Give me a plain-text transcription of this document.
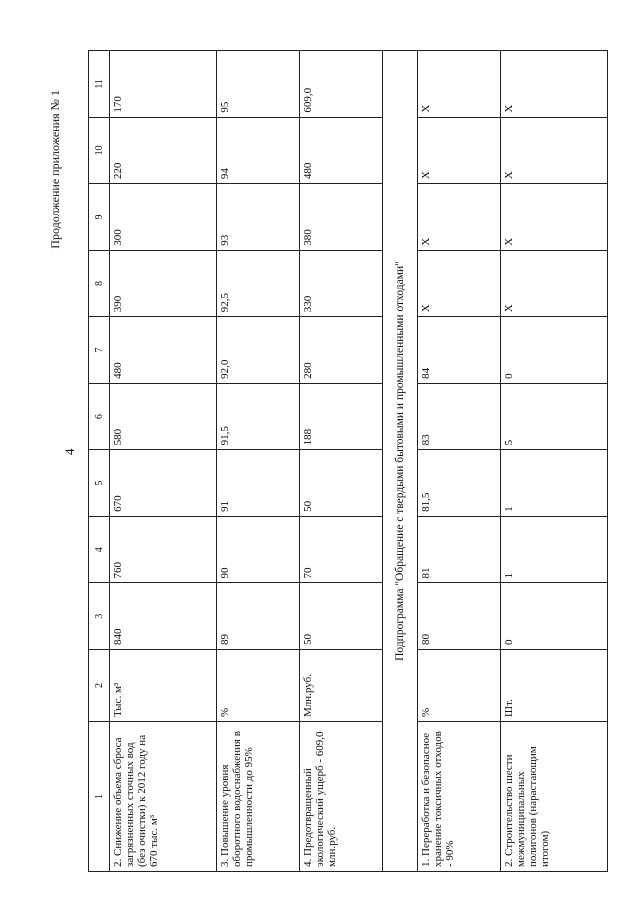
4
Продолжение приложения № 1
1	2	3	4	5	6	7	8	9	10	11
2. Снижение объема сброса загрязненных сточных вод (без очистки) к 2012 году на 670 тыс. м³	Тыс. м³	840	760	670	580	480	390	300	220	170
3. Повышение уровня оборотного водоснабжения в промышленности до 95%	%	89	90	91	91,5	92,0	92,5	93	94	95
4. Предотвращенный экологический ущерб - 609,0 млн.руб.	Млн.руб.	50	70	50	188	280	330	380	480	609,0
Подпрограмма "Обращение с твердыми бытовыми и промышленными отходами"										
1. Переработка и безопасное хранение токсичных отходов - 90%	%	80	81	81,5	83	84	X	X	X	X
2. Строительство шести межмуниципальных полигонов (нарастающим итогом)	Шт.	0	1	1	5	0	X	X	X	X
